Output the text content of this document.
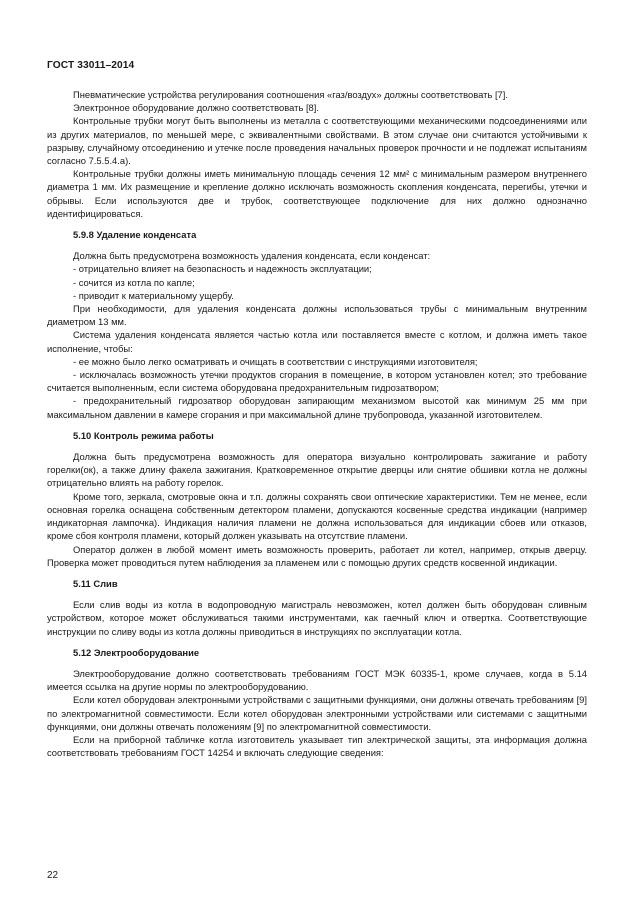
ГОСТ 33011–2014

Пневматические устройства регулирования соотношения «газ/воздух» должны соответствовать [7].

Электронное оборудование должно соответствовать [8].

Контрольные трубки могут быть выполнены из металла с соответствующими механическими подсоединениями или из других материалов, по меньшей мере, с эквивалентными свойствами. В этом случае они считаются устойчивыми к разрыву, случайному отсоединению и утечке после проведения начальных проверок прочности и не подлежат испытаниям согласно 7.5.5.4.а).

Контрольные трубки должны иметь минимальную площадь сечения 12 мм² с минимальным размером внутреннего диаметра 1 мм. Их размещение и крепление должно исключать возможность скопления конденсата, перегибы, утечки и обрывы. Если используются две и трубок, соответствующее подключение для них должно однозначно идентифицироваться.

5.9.8 Удаление конденсата

Должна быть предусмотрена возможность удаления конденсата, если конденсат:

- отрицательно влияет на безопасность и надежность эксплуатации;

- сочится из котла по капле;

- приводит к материальному ущербу.

При необходимости, для удаления конденсата должны использоваться трубы с минимальным внутренним диаметром 13 мм.

Система удаления конденсата является частью котла или поставляется вместе с котлом, и должна иметь такое исполнение, чтобы:

- ее можно было легко осматривать и очищать в соответствии с инструкциями изготовителя;

- исключалась возможность утечки продуктов сгорания в помещение, в котором установлен котел; это требование считается выполненным, если система оборудована предохранительным гидрозатвором;

- предохранительный гидрозатвор оборудован запирающим механизмом высотой как минимум 25 мм при максимальном давлении в камере сгорания и при максимальной длине трубопровода, указанной изготовителем.

5.10 Контроль режима работы

Должна быть предусмотрена возможность для оператора визуально контролировать зажигание и работу горелки(ок), а также длину факела зажигания. Кратковременное открытие дверцы или снятие обшивки котла не должны отрицательно влиять на работу горелок.

Кроме того, зеркала, смотровые окна и т.п. должны сохранять свои оптические характеристики. Тем не менее, если основная горелка оснащена собственным детектором пламени, допускаются косвенные средства индикации (например индикаторная лампочка). Индикация наличия пламени не должна использоваться для индикации сбоев или отказов, кроме сбоя контроля пламени, который должен указывать на отсутствие пламени.

Оператор должен в любой момент иметь возможность проверить, работает ли котел, например, открыв дверцу. Проверка может проводиться путем наблюдения за пламенем или с помощью других средств косвенной индикации.

5.11 Слив

Если слив воды из котла в водопроводную магистраль невозможен, котел должен быть оборудован сливным устройством, которое может обслуживаться такими инструментами, как гаечный ключ и отвертка. Соответствующие инструкции по сливу воды из котла должны приводиться в инструкциях по эксплуатации котла.

5.12 Электрооборудование

Электрооборудование должно соответствовать требованиям ГОСТ МЭК 60335-1, кроме случаев, когда в 5.14 имеется ссылка на другие нормы по электрооборудованию.

Если котел оборудован электронными устройствами с защитными функциями, они должны отвечать требованиям [9] по электромагнитной совместимости. Если котел оборудован электронными устройствами или системами с защитными функциями, они должны отвечать положениям [9] по электромагнитной совместимости.

Если на приборной табличке котла изготовитель указывает тип электрической защиты, эта информация должна соответствовать требованиям ГОСТ 14254 и включать следующие сведения:

22
